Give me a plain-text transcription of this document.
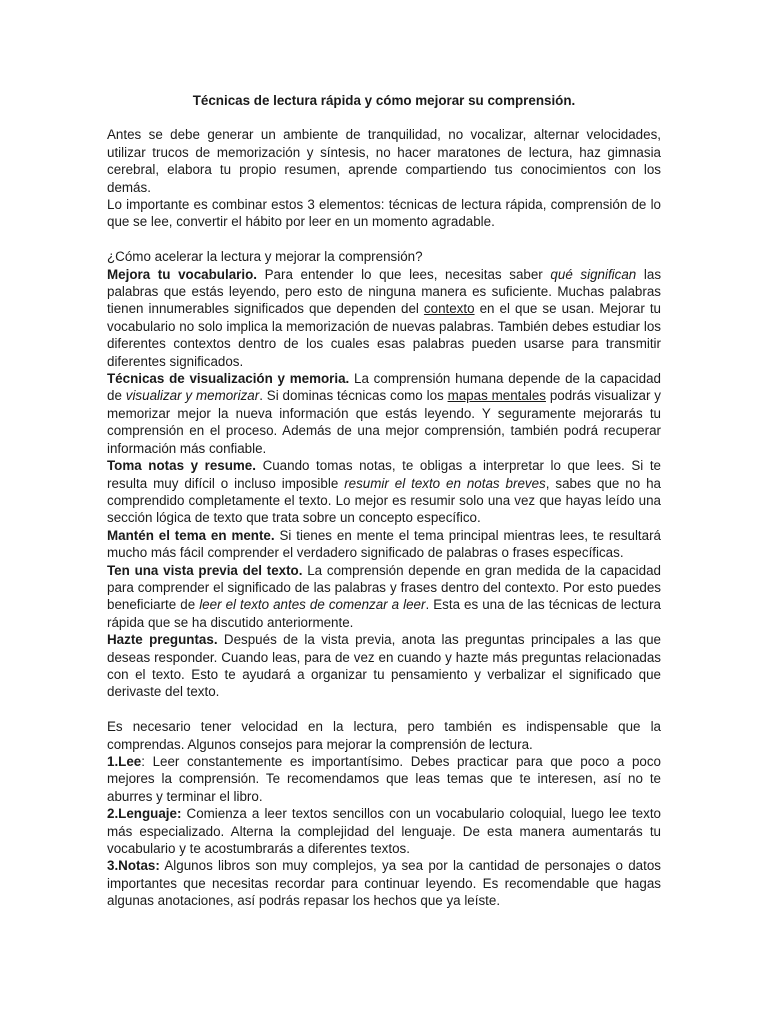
Técnicas de lectura rápida y cómo mejorar su comprensión.

Antes se debe generar un ambiente de tranquilidad, no vocalizar, alternar velocidades, utilizar trucos de memorización y síntesis, no hacer maratones de lectura, haz gimnasia cerebral, elabora tu propio resumen, aprende compartiendo tus conocimientos con los demás.

Lo importante es combinar estos 3 elementos: técnicas de lectura rápida, comprensión de lo que se lee, convertir el hábito por leer en un momento agradable.

¿Cómo acelerar la lectura y mejorar la comprensión?

Mejora tu vocabulario. Para entender lo que lees, necesitas saber qué significan las palabras que estás leyendo, pero esto de ninguna manera es suficiente. Muchas palabras tienen innumerables significados que dependen del contexto en el que se usan. Mejorar tu vocabulario no solo implica la memorización de nuevas palabras. También debes estudiar los diferentes contextos dentro de los cuales esas palabras pueden usarse para transmitir diferentes significados.

Técnicas de visualización y memoria. La comprensión humana depende de la capacidad de visualizar y memorizar. Si dominas técnicas como los mapas mentales podrás visualizar y memorizar mejor la nueva información que estás leyendo. Y seguramente mejorarás tu comprensión en el proceso. Además de una mejor comprensión, también podrá recuperar información más confiable.

Toma notas y resume. Cuando tomas notas, te obligas a interpretar lo que lees. Si te resulta muy difícil o incluso imposible resumir el texto en notas breves, sabes que no ha comprendido completamente el texto. Lo mejor es resumir solo una vez que hayas leído una sección lógica de texto que trata sobre un concepto específico.

Mantén el tema en mente. Si tienes en mente el tema principal mientras lees, te resultará mucho más fácil comprender el verdadero significado de palabras o frases específicas.

Ten una vista previa del texto. La comprensión depende en gran medida de la capacidad para comprender el significado de las palabras y frases dentro del contexto. Por esto puedes beneficiarte de leer el texto antes de comenzar a leer. Esta es una de las técnicas de lectura rápida que se ha discutido anteriormente.

Hazte preguntas. Después de la vista previa, anota las preguntas principales a las que deseas responder. Cuando leas, para de vez en cuando y hazte más preguntas relacionadas con el texto. Esto te ayudará a organizar tu pensamiento y verbalizar el significado que derivaste del texto.

Es necesario tener velocidad en la lectura, pero también es indispensable que la comprendas. Algunos consejos para mejorar la comprensión de lectura.

1.Lee: Leer constantemente es importantísimo. Debes practicar para que poco a poco mejores la comprensión. Te recomendamos que leas temas que te interesen, así no te aburres y terminar el libro.

2.Lenguaje: Comienza a leer textos sencillos con un vocabulario coloquial, luego lee texto más especializado. Alterna la complejidad del lenguaje. De esta manera aumentarás tu vocabulario y te acostumbrarás a diferentes textos.

3.Notas: Algunos libros son muy complejos, ya sea por la cantidad de personajes o datos importantes que necesitas recordar para continuar leyendo. Es recomendable que hagas algunas anotaciones, así podrás repasar los hechos que ya leíste.
